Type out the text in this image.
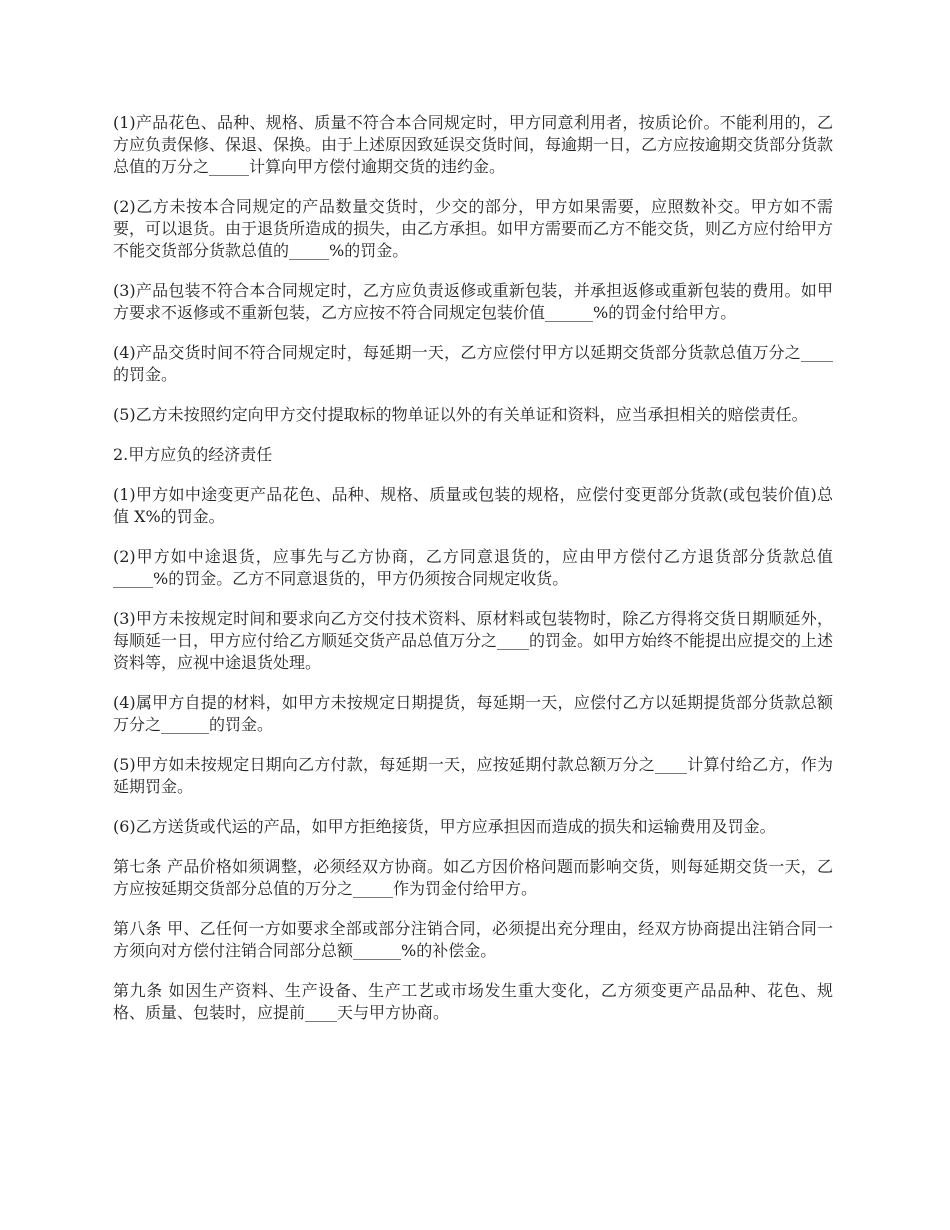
(1)产品花色、品种、规格、质量不符合本合同规定时，甲方同意利用者，按质论价。不能利用的，乙方应负责保修、保退、保换。由于上述原因致延误交货时间，每逾期一日，乙方应按逾期交货部分货款总值的万分之_____计算向甲方偿付逾期交货的违约金。

(2)乙方未按本合同规定的产品数量交货时，少交的部分，甲方如果需要，应照数补交。甲方如不需要，可以退货。由于退货所造成的损失，由乙方承担。如甲方需要而乙方不能交货，则乙方应付给甲方不能交货部分货款总值的_____%的罚金。

(3)产品包装不符合本合同规定时，乙方应负责返修或重新包装，并承担返修或重新包装的费用。如甲方要求不返修或不重新包装，乙方应按不符合同规定包装价值______%的罚金付给甲方。

(4)产品交货时间不符合同规定时，每延期一天，乙方应偿付甲方以延期交货部分货款总值万分之____的罚金。

(5)乙方未按照约定向甲方交付提取标的物单证以外的有关单证和资料，应当承担相关的赔偿责任。

2.甲方应负的经济责任

(1)甲方如中途变更产品花色、品种、规格、质量或包装的规格，应偿付变更部分货款(或包装价值)总值 X%的罚金。

(2)甲方如中途退货，应事先与乙方协商，乙方同意退货的，应由甲方偿付乙方退货部分货款总值_____%的罚金。乙方不同意退货的，甲方仍须按合同规定收货。

(3)甲方未按规定时间和要求向乙方交付技术资料、原材料或包装物时，除乙方得将交货日期顺延外，每顺延一日，甲方应付给乙方顺延交货产品总值万分之____的罚金。如甲方始终不能提出应提交的上述资料等，应视中途退货处理。

(4)属甲方自提的材料，如甲方未按规定日期提货，每延期一天，应偿付乙方以延期提货部分货款总额万分之______的罚金。

(5)甲方如未按规定日期向乙方付款，每延期一天，应按延期付款总额万分之____计算付给乙方，作为延期罚金。

(6)乙方送货或代运的产品，如甲方拒绝接货，甲方应承担因而造成的损失和运输费用及罚金。

第七条 产品价格如须调整，必须经双方协商。如乙方因价格问题而影响交货，则每延期交货一天，乙方应按延期交货部分总值的万分之_____作为罚金付给甲方。

第八条 甲、乙任何一方如要求全部或部分注销合同，必须提出充分理由，经双方协商提出注销合同一方须向对方偿付注销合同部分总额______%的补偿金。

第九条 如因生产资料、生产设备、生产工艺或市场发生重大变化，乙方须变更产品品种、花色、规格、质量、包装时，应提前____天与甲方协商。
